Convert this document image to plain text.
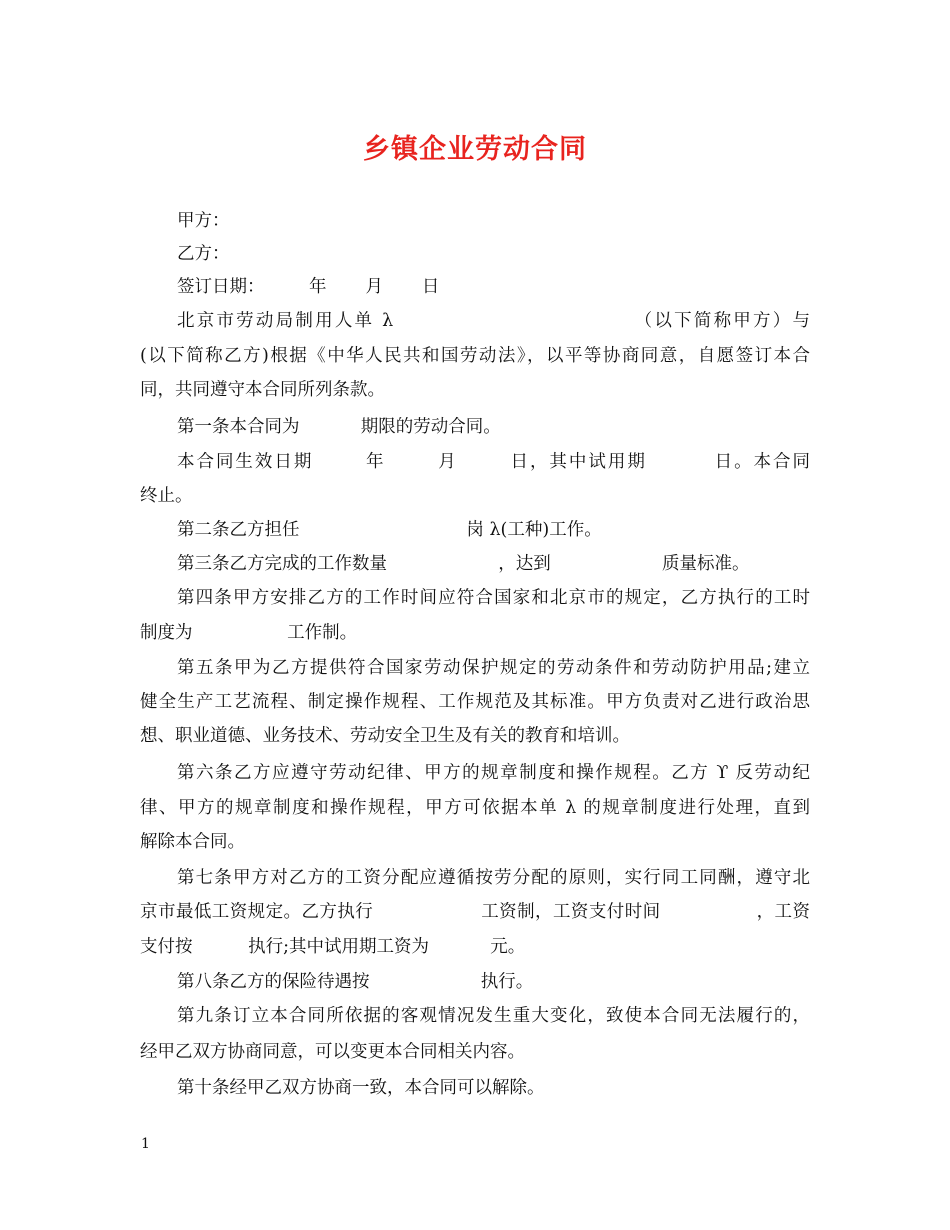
乡镇企业劳动合同
甲方：
乙方：
签订日期：        年       月       日
北京市劳动局制用人单 λ                               （以下简称甲方）与
(以下简称乙方)根据《中华人民共和国劳动法》，以平等协商同意，自愿签订本合
同，共同遵守本合同所列条款。
第一条本合同为           期限的劳动合同。
本合同生效日期       年       月       日，其中试用期         日。本合同
终止。
第二条乙方担任                              岗 λ(工种)工作。
第三条乙方完成的工作数量                    ，达到                    质量标准。
第四条甲方安排乙方的工作时间应符合国家和北京市的规定，乙方执行的工时
制度为                 工作制。
第五条甲为乙方提供符合国家劳动保护规定的劳动条件和劳动防护用品;建立
健全生产工艺流程、制定操作规程、工作规范及其标准。甲方负责对乙进行政治思
想、职业道德、业务技术、劳动安全卫生及有关的教育和培训。
第六条乙方应遵守劳动纪律、甲方的规章制度和操作规程。乙方 ϒ 反劳动纪
律、甲方的规章制度和操作规程，甲方可依据本单 λ 的规章制度进行处理，直到
解除本合同。
第七条甲方对乙方的工资分配应遵循按劳分配的原则，实行同工同酬，遵守北
京市最低工资规定。乙方执行                  工资制，工资支付时间                ，工资
支付按          执行;其中试用期工资为           元。
第八条乙方的保险待遇按                    执行。
第九条订立本合同所依据的客观情况发生重大变化，致使本合同无法履行的，
经甲乙双方协商同意，可以变更本合同相关内容。
第十条经甲乙双方协商一致，本合同可以解除。
1
